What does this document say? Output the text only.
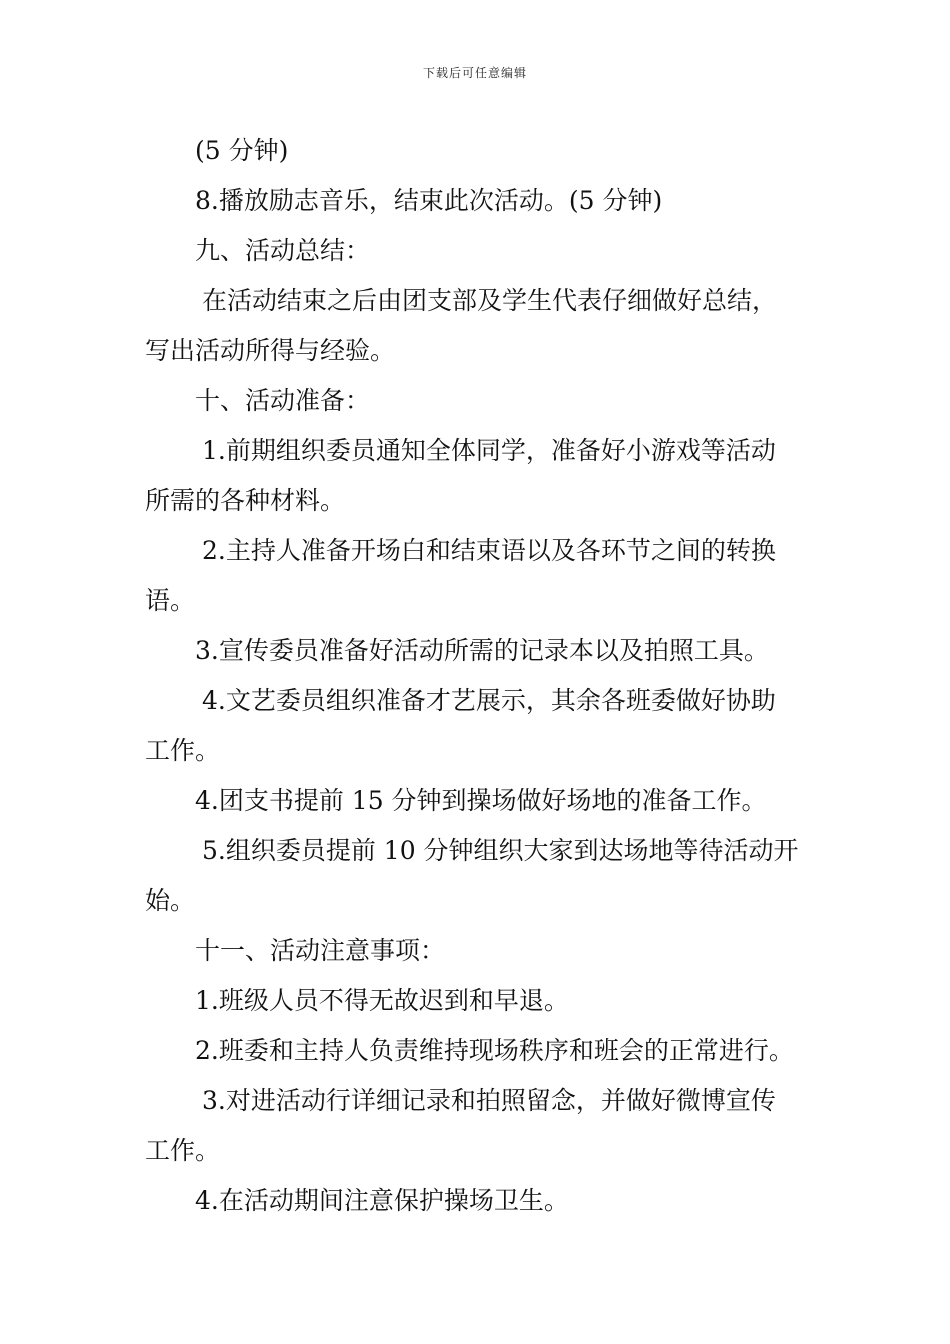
下载后可任意编辑
(5 分钟)
8.播放励志音乐，结束此次活动。(5 分钟)
九、活动总结：
在活动结束之后由团支部及学生代表仔细做好总结，
写出活动所得与经验。
十、活动准备：
1.前期组织委员通知全体同学，准备好小游戏等活动
所需的各种材料。
2.主持人准备开场白和结束语以及各环节之间的转换
语。
3.宣传委员准备好活动所需的记录本以及拍照工具。
4.文艺委员组织准备才艺展示，其余各班委做好协助
工作。
4.团支书提前 15 分钟到操场做好场地的准备工作。
5.组织委员提前 10 分钟组织大家到达场地等待活动开
始。
十一、活动注意事项：
1.班级人员不得无故迟到和早退。
2.班委和主持人负责维持现场秩序和班会的正常进行。
3.对进活动行详细记录和拍照留念，并做好微博宣传
工作。
4.在活动期间注意保护操场卫生。
